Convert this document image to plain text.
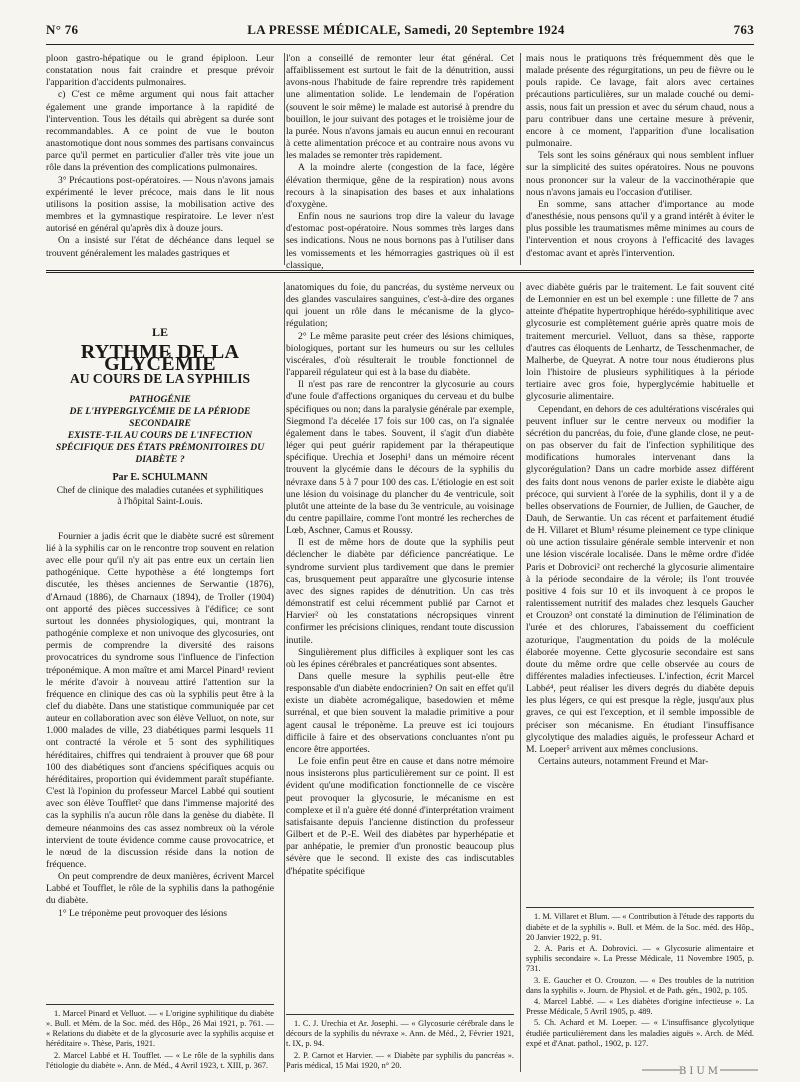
N° 76	LA PRESSE MÉDICALE, Samedi, 20 Septembre 1924	763

ploon gastro-hépatique ou le grand épiploon. Leur constatation nous fait craindre et presque prévoir l'apparition d'accidents pulmonaires.

c) C'est ce même argument qui nous fait attacher également une grande importance à la rapidité de l'intervention. Tous les détails qui abrègent sa durée sont recommandables. A ce point de vue le bouton anastomotique dont nous sommes des partisans convaincus parce qu'il permet en particulier d'aller très vite joue un rôle dans la prévention des complications pulmonaires.

3° Précautions post-opératoires. — Nous n'avons jamais expérimenté le lever précoce, mais dans le lit nous utilisons la position assise, la mobilisation active des membres et la gymnastique respiratoire. Le lever n'est autorisé en général qu'après dix à douze jours.

On a insisté sur l'état de déchéance dans lequel se trouvent généralement les malades gastriques et

l'on a conseillé de remonter leur état général. Cet affaiblissement est surtout le fait de la dénutrition, aussi avons-nous l'habitude de faire reprendre très rapidement une alimentation solide. Le lendemain de l'opération (souvent le soir même) le malade est autorisé à prendre du bouillon, le jour suivant des potages et le troisième jour de la purée. Nous n'avons jamais eu aucun ennui en recourant à cette alimentation précoce et au contraire nous avons vu les malades se remonter très rapidement.

A la moindre alerte (congestion de la face, légère élévation thermique, gêne de la respiration) nous avons recours à la sinapisation des bases et aux inhalations d'oxygène.

Enfin nous ne saurions trop dire la valeur du lavage d'estomac post-opératoire. Nous sommes très larges dans ses indications. Nous ne nous bornons pas à l'utiliser dans les vomissements et les hémorragies gastriques où il est classique,

mais nous le pratiquons très fréquemment dès que le malade présente des régurgitations, un peu de fièvre ou le pouls rapide. Ce lavage, fait alors avec certaines précautions particulières, sur un malade couché ou demi-assis, nous fait un pression et avec du sérum chaud, nous a paru contribuer dans une certaine mesure à prévenir, encore à ce moment, l'apparition d'une localisation pulmonaire.

Tels sont les soins généraux qui nous semblent influer sur la simplicité des suites opératoires. Nous ne pouvons nous prononcer sur la valeur de la vaccinothérapie que nous n'avons jamais eu l'occasion d'utiliser.

En somme, sans attacher d'importance au mode d'anesthésie, nous pensons qu'il y a grand intérêt à éviter le plus possible les traumatismes même minimes au cours de l'intervention et nous croyons à l'efficacité des lavages d'estomac avant et après l'intervention.

LE
RYTHME DE LA GLYCÉMIE
AU COURS DE LA SYPHILIS
PATHOGÉNIE
DE L'HYPERGLYCÉMIE DE LA PÉRIODE SECONDAIRE
EXISTE-T-IL AU COURS DE L'INFECTION SPÉCIFIQUE DES ÉTATS PRÉMONITOIRES DU DIABÈTE ?
Par E. SCHULMANN
Chef de clinique des maladies cutanées et syphilitiques à l'hôpital Saint-Louis.

Fournier a jadis écrit que le diabète sucré est sûrement lié à la syphilis car on le rencontre trop souvent en relation avec elle pour qu'il n'y ait pas entre eux un certain lien pathogénique. Cette hypothèse a été longtemps fort discutée, les thèses anciennes de Serwantie (1876), d'Arnaud (1886), de Charnaux (1894), de Troller (1904) ont apporté des pièces successives à l'édifice; ce sont surtout les données physiologiques, qui, montrant la pathogénie complexe et non univoque des glycosuries, ont permis de comprendre la diversité des raisons provocatrices du syndrome sous l'influence de l'infection tréponémique. A mon maître et ami Marcel Pinard¹ revient le mérite d'avoir à nouveau attiré l'attention sur la fréquence en clinique des cas où la syphilis peut être à la clef du diabète. Dans une statistique communiquée par cet auteur en collaboration avec son élève Velluot, on note, sur 1.000 malades de ville, 23 diabétiques parmi lesquels 11 ont contracté la vérole et 5 sont des syphilitiques héréditaires, chiffres qui tendraient à prouver que 68 pour 100 des diabétiques sont d'anciens spécifiques acquis ou héréditaires, proportion qui évidemment paraît stupéfiante. C'est là l'opinion du professeur Marcel Labbé qui soutient avec son élève Toufflet² que dans l'immense majorité des cas la syphilis n'a aucun rôle dans la genèse du diabète. Il demeure néanmoins des cas assez nombreux où la vérole intervient de toute évidence comme cause provocatrice, et le nœud de la discussion réside dans la notion de fréquence.

On peut comprendre de deux manières, écrivent Marcel Labbé et Toufflet, le rôle de la syphilis dans la pathogénie du diabète.

1° Le tréponème peut provoquer des lésions

1. Marcel Pinard et Velluot. — « L'origine syphilitique du diabète ». Bull. et Mém. de la Soc. méd. des Hôp., 26 Mai 1921, p. 761. — « Relations du diabète et de la glycosurie avec la syphilis acquise et héréditaire ». Thèse, Paris, 1921.
2. Marcel Labbé et H. Toufflet. — « Le rôle de la syphilis dans l'étiologie du diabète ». Ann. de Méd., 4 Avril 1923, t. XIII, p. 367.

anatomiques du foie, du pancréas, du système nerveux ou des glandes vasculaires sanguines, c'est-à-dire des organes qui jouent un rôle dans le mécanisme de la glyco-régulation;

2° Le même parasite peut créer des lésions chimiques, biologiques, portant sur les humeurs ou sur les cellules viscérales, d'où résulterait le trouble fonctionnel de l'appareil régulateur qui est à la base du diabète.

Il n'est pas rare de rencontrer la glycosurie au cours d'une foule d'affections organiques du cerveau et du bulbe spécifiques ou non; dans la paralysie générale par exemple, Siegmond l'a décelée 17 fois sur 100 cas, on l'a signalée également dans le tabes. Souvent, il s'agit d'un diabète léger qui peut guérir rapidement par la thérapeutique spécifique. Urechia et Josephi¹ dans un mémoire récent trouvent la glycémie dans le décours de la syphilis du névraxe dans 5 à 7 pour 100 des cas. L'étiologie en est soit une lésion du voisinage du plancher du 4e ventricule, soit plutôt une atteinte de la base du 3e ventricule, au voisinage du centre papillaire, comme l'ont montré les recherches de Lœb, Aschner, Camus et Roussy.

Il est de même hors de doute que la syphilis peut déclencher le diabète par déficience pancréatique. Le syndrome survient plus tardivement que dans le premier cas, brusquement peut apparaître une glycosurie intense avec des signes rapides de dénutrition. Un cas très démonstratif est celui récemment publié par Carnot et Harvier² où les constatations nécropsiques vinrent confirmer les précisions cliniques, rendant toute discussion inutile.

Singulièrement plus difficiles à expliquer sont les cas où les épines cérébrales et pancréatiques sont absentes.

Dans quelle mesure la syphilis peut-elle être responsable d'un diabète endocrinien? On sait en effet qu'il existe un diabète acromégalique, basedowien et même surrénal, et que bien souvent la maladie primitive a pour agent causal le tréponème. La preuve est ici toujours difficile à faire et des observations concluantes n'ont pu encore être apportées.

Le foie enfin peut être en cause et dans notre mémoire nous insisterons plus particulièrement sur ce point. Il est évident qu'une modification fonctionnelle de ce viscère peut provoquer la glycosurie, le mécanisme en est complexe et il n'a guère été donné d'interprétation vraiment satisfaisante depuis l'ancienne distinction du professeur Gilbert et de P.-E. Weil des diabètes par hyperhépatie et par anhépatie, le premier d'un pronostic beaucoup plus sévère que le second. Il existe des cas indiscutables d'hépatite spécifique

1. C. J. Urechia et Ar. Josephi. — « Glycosurie cérébrale dans le décours de la syphilis du névraxe ». Ann. de Méd., 2, Février 1921, t. IX, p. 94.
2. P. Carnot et Harvier. — « Diabète par syphilis du pancréas ». Paris médical, 15 Mai 1920, n° 20.

avec diabète guéris par le traitement. Le fait souvent cité de Lemonnier en est un bel exemple : une fillette de 7 ans atteinte d'hépatite hypertrophique hérédo-syphilitique avec glycosurie est complètement guérie après quatre mois de traitement mercuriel. Velluot, dans sa thèse, rapporte d'autres cas éloquents de Lenhartz, de Tesschenmacher, de Malherbe, de Queyrat. A notre tour nous étudierons plus loin l'histoire de plusieurs syphilitiques à la période tertiaire avec gros foie, hyperglycémie habituelle et glycosurie alimentaire.

Cependant, en dehors de ces adultérations viscérales qui peuvent influer sur le centre nerveux ou modifier la sécrétion du pancréas, du foie, d'une glande close, ne peut-on pas observer du fait de l'infection syphilitique des modifications humorales intervenant dans la glycorégulation? Dans un cadre morbide assez différent des faits dont nous venons de parler existe le diabète aigu précoce, qui survient à l'orée de la syphilis, dont il y a de belles observations de Fournier, de Jullien, de Gaucher, de Dauh, de Serwantie. Un cas récent et parfaitement étudié de H. Villaret et Blum¹ résume pleinement ce type clinique où une action tissulaire générale semble intervenir et non une lésion viscérale localisée. Dans le même ordre d'idée Paris et Dobrovici² ont recherché la glycosurie alimentaire à la période secondaire de la vérole; ils l'ont trouvée positive 4 fois sur 10 et ils invoquent à ce propos le ralentissement nutritif des malades chez lesquels Gaucher et Crouzon³ ont constaté la diminution de l'élimination de l'urée et des chlorures, l'abaissement du coefficient azoturique, l'augmentation du poids de la molécule élaborée moyenne. Cette glycosurie secondaire est sans doute du même ordre que celle observée au cours de différentes maladies infectieuses. L'infection, écrit Marcel Labbé⁴, peut réaliser les divers degrés du diabète depuis les plus légers, ce qui est presque la règle, jusqu'aux plus graves, ce qui est l'exception, et il semble impossible de préciser son mécanisme. En étudiant l'insuffisance glycolytique des maladies aiguës, le professeur Achard et M. Loeper⁵ arrivent aux mêmes conclusions.

Certains auteurs, notamment Freund et Mar-

1. M. Villaret et Blum. — « Contribution à l'étude des rapports du diabète et de la syphilis ». Bull. et Mém. de la Soc. méd. des Hôp., 20 Janvier 1922, p. 91.
2. A. Paris et A. Dobrovici. — « Glycosurie alimentaire et syphilis secondaire ». La Presse Médicale, 11 Novembre 1905, p. 731.
3. E. Gaucher et O. Crouzon. — « Des troubles de la nutrition dans la syphilis ». Journ. de Physiol. et de Path. gén., 1902, p. 105.
4. Marcel Labbé. — « Les diabètes d'origine infectieuse ». La Presse Médicale, 5 Avril 1905, p. 489.
5. Ch. Achard et M. Loeper. — « L'insuffisance glycolytique étudiée particulièrement dans les maladies aiguës ». Arch. de Méd. expé et d'Anat. pathol., 1902, p. 127.
BIUM
